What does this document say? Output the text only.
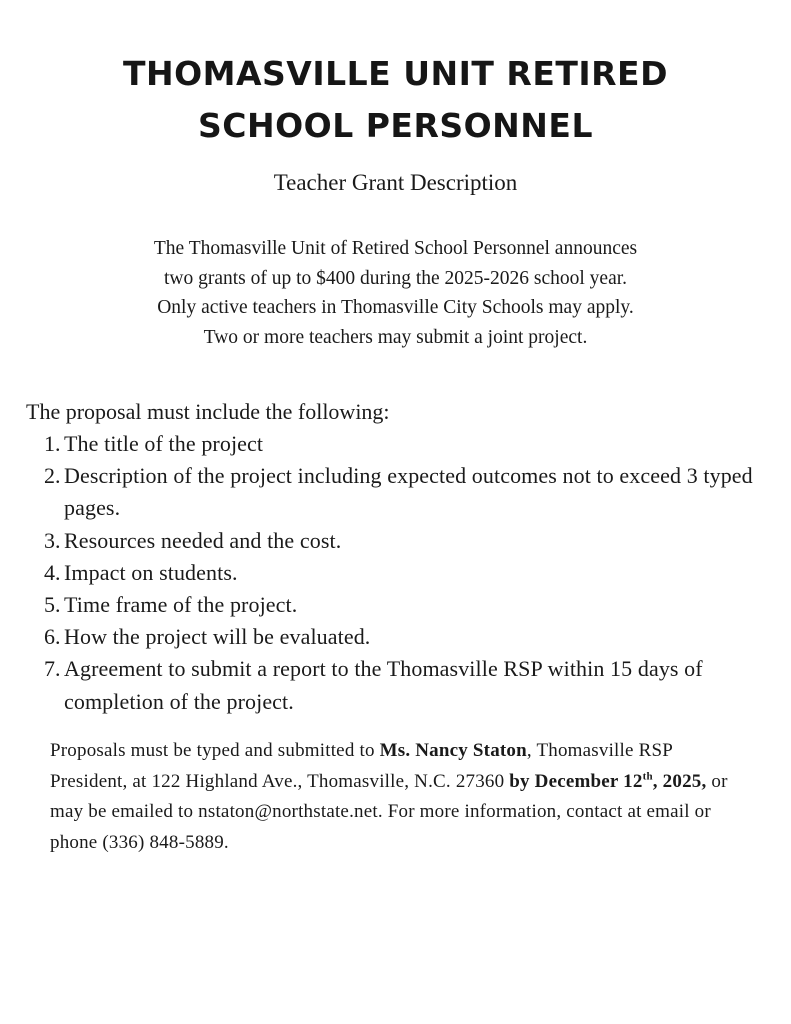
THOMASVILLE UNIT RETIRED
SCHOOL PERSONNEL
Teacher Grant Description
The Thomasville Unit of Retired School Personnel announces
two grants of up to $400 during the 2025-2026 school year.
Only active teachers in Thomasville City Schools may apply.
Two or more teachers may submit a joint project.
The proposal must include the following:
1. The title of the project
2. Description of the project including expected outcomes not to exceed 3 typed pages.
3. Resources needed and the cost.
4. Impact on students.
5. Time frame of the project.
6. How the project will be evaluated.
7. Agreement to submit a report to the Thomasville RSP within 15 days of completion of the project.
Proposals must be typed and submitted to Ms. Nancy Staton, Thomasville RSP President, at 122 Highland Ave., Thomasville, N.C. 27360 by December 12th, 2025, or may be emailed to nstaton@northstate.net. For more information, contact at email or phone (336) 848-5889.
